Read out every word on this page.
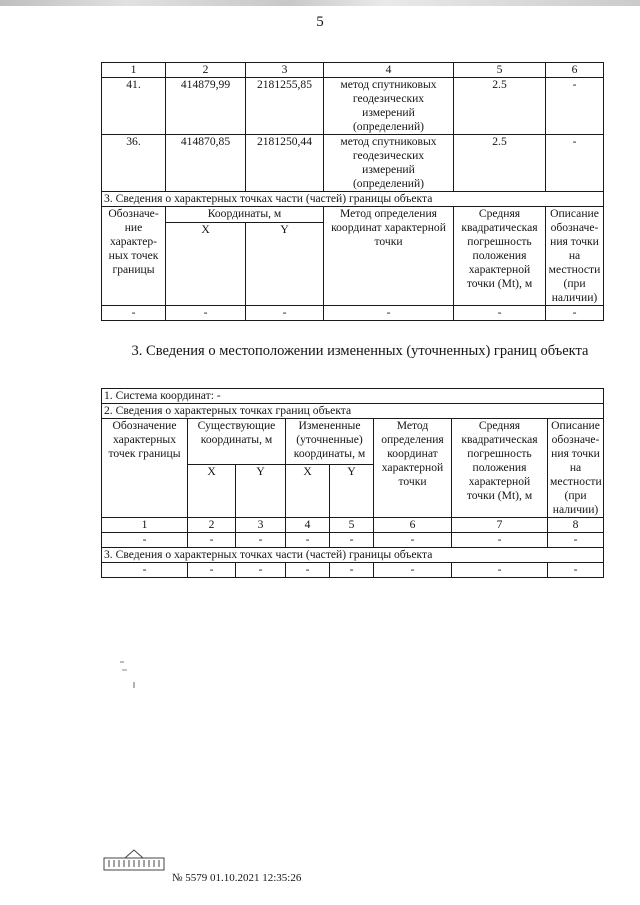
5
1	2	3	4	5	6
41.	414879,99	2181255,85	метод спутниковых геодезических измерений (определений)	2.5	-
36.	414870,85	2181250,44	метод спутниковых геодезических измерений (определений)	2.5	-
3. Сведения о характерных точках части (частей) границы объекта					
Обозначе-ние характер-ных точек границы	Координаты, м		Метод определения координат характерной точки	Средняя квадратическая погрешность положения характерной точки (Mt), м	Описание обозначе-ния точки на местности (при наличии)
	X	Y			
-	-	-	-	-	-
3. Сведения о местоположении измененных (уточненных) границ объекта
1. Система координат: -							
2. Сведения о характерных точках границ объекта							
Обозначение характерных точек границы	Существующие координаты, м		Измененные (уточненные) координаты, м		Метод определения координат характерной точки	Средняя квадратическая погрешность положения характерной точки (Mt), м	Описание обозначе-ния точки на местности (при наличии)
	X	Y	X	Y			
1	2	3	4	5	6	7	8
-	-	-	-	-	-	-	-
3. Сведения о характерных точках части (частей) границы объекта							
-	-	-	-	-	-	-	-
№ 5579 01.10.2021 12:35:26
